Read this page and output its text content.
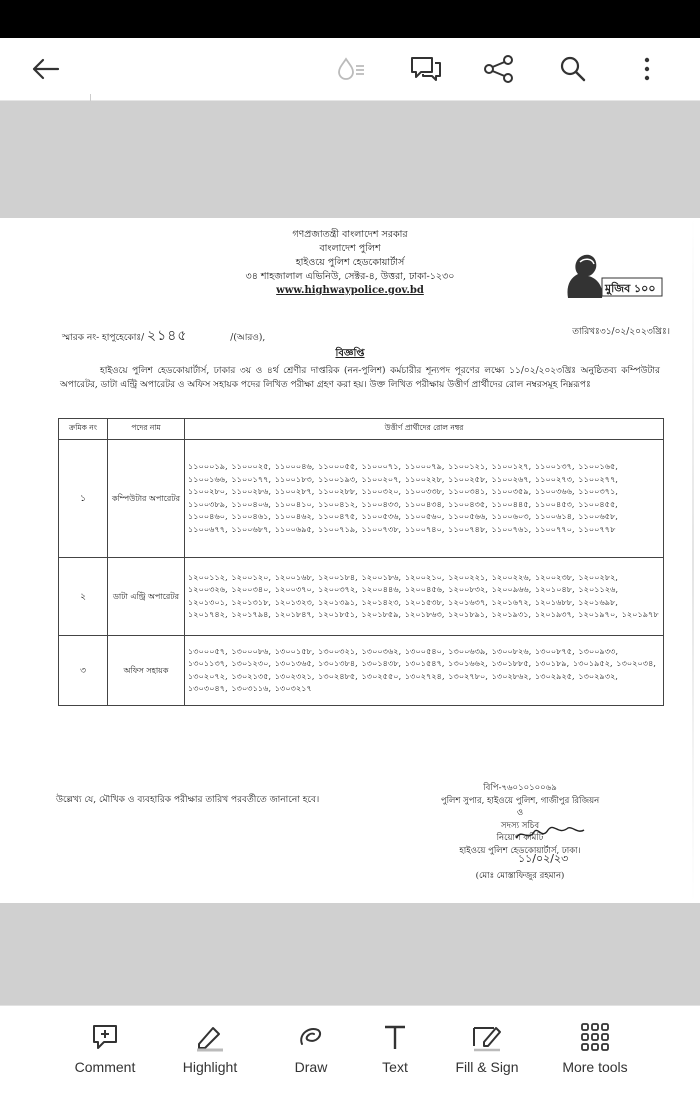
গণপ্রজাতন্ত্রী বাংলাদেশ সরকার
বাংলাদেশ পুলিশ
হাইওয়ে পুলিশ হেডকোয়ার্টার্স
৩৪ শাহজালাল এভিনিউ, সেক্টর-৪, উত্তরা, ঢাকা-১২৩০
www.highwaypolice.gov.bd	মুজিব ১০০
স্মারক নং- হাপুহেকোঃ/ ২১৪৫	/(আরও),
তারিখঃ৩১/০২/২০২৩খ্রিঃ।
বিজ্ঞপ্তি
হাইওয়ে পুলিশ হেডকোয়ার্টার্স, ঢাকার ৩য় ও ৪র্থ শ্রেণীর দাপ্তরিক (নন-পুলিশ) কর্মচারীর শূন্যপদ পূরণের লক্ষ্যে ১১/০২/২০২৩খ্রিঃ অনুষ্ঠিতব্য কম্পিউটার অপারেটর, ডাটা এন্ট্রি অপারেটর ও অফিস সহায়ক পদের লিখিত পরীক্ষা গ্রহণ করা হয়। উক্ত লিখিত পরীক্ষায় উত্তীর্ণ প্রার্থীদের রোল নম্বরসমূহ নিম্নরূপঃ
ক্রমিক নং	পদের নাম	উত্তীর্ণ প্রার্থীদের রোল নম্বর
১	কম্পিউটার অপারেটর	১১০০০১৯, ১১০০০২৫, ১১০০০৪৬, ১১০০০৫৫, ১১০০০৭১, ১১০০০৭৯, ১১০০১২১, ১১০০১২৭, ১১০০১৩৭, ১১০০১৬৫, ১১০০১৬৬, ১১০০১৭৭, ১১০০১৮৩, ১১০০১৯৩, ১১০০২০৭, ১১০০২২৮, ১১০০২৫৮, ১১০০২৬৭, ১১০০২৭৩, ১১০০২৭৭, ১১০০২৮০, ১১০০২৮৬, ১১০০২৮৭, ১১০০২৮৮, ১১০০৩২০, ১১০০৩৩৮, ১১০০৩৪১, ১১০০৩৫৯, ১১০০৩৬৬, ১১০০৩৭১, ১১০০৩৮৯, ১১০০৪০৬, ১১০০৪১০, ১১০০৪১২, ১১০০৪৩৩, ১১০০৪৩৪, ১১০০৪৩৫, ১১০০৪৪৫, ১১০০৪৫৩, ১১০০৪৫৫, ১১০০৪৬০, ১১০০৪৬১, ১১০০৪৬২, ১১০০৪৭৫, ১১০০৫৩৬, ১১০০৫৬০, ১১০০৫৬৬, ১১০০৬০৩, ১১০০৬১৪, ১১০০৬৫৮, ১১০০৬৭৭, ১১০০৬৮৭, ১১০০৬৯৫, ১১০০৭১৯, ১১০০৭৩৮, ১১০০৭৪০, ১১০০৭৪৮, ১১০০৭৬১, ১১০০৭৭০, ১১০০৭৭৮
২	ডাটা এন্ট্রি অপারেটর	১২০০১১২, ১২০০১২০, ১২০০১৬৮, ১২০০১৮৪, ১২০০১৮৬, ১২০০২১০, ১২০০২২১, ১২০০২২৬, ১২০০২৩৮, ১২০০২৮২, ১২০০৩২৬, ১২০০৩৪০, ১২০০৩৭০, ১২০০৩৭২, ১২০০৪৪৬, ১২০০৪৫৬, ১২০০৮৩২, ১২০০৯৬৬, ১২০১০৪৮, ১২০১১২৬, ১২০১৩০১, ১২০১৩১৮, ১২০১৩২৩, ১২০১৩৯১, ১২০১৪২৩, ১২০১৫৩৮, ১২০১৬৩৭, ১২০১৬৭২, ১২০১৬৮৮, ১২০১৬৯৮, ১২০১৭৪২, ১২০১৭৯৪, ১২০১৮৪৭, ১২০১৮৫১, ১২০১৮৫৯, ১২০১৮৬৩, ১২০১৮৯১, ১২০১৯৩১, ১২০১৯৩৭, ১২০১৯৭০, ১২০১৯৭৮
৩	অফিস সহায়ক	১৩০০০৫৭, ১৩০০০৮৬, ১৩০০১৫৮, ১৩০০৩২১, ১৩০০৩৬২, ১৩০০৫৪০, ১৩০০৬৩৯, ১৩০০৮২৬, ১৩০০৮৭৫, ১৩০০৯৩৩, ১৩০১১৩৭, ১৩০১২৩০, ১৩০১৩৬৫, ১৩০১৩৮৪, ১৩০১৪৩৮, ১৩০১৫৪৭, ১৩০১৬৬২, ১৩০১৮৮৫, ১৩০১৮৯, ১৩০১৯৫২, ১৩০২০৩৪, ১৩০২০৭২, ১৩০২১৩৫, ১৩০২৩২১, ১৩০২৪৮৫, ১৩০২৫৫০, ১৩০২৭২৪, ১৩০২৭৮০, ১৩০২৮৬২, ১৩০২৯২৫, ১৩০২৯৩২, ১৩০৩০৪৭, ১৩০৩১১৬, ১৩০৩২১৭
উল্লেখ্য যে, মৌখিক ও ব্যবহারিক পরীক্ষার তারিখ পরবর্তীতে জানানো হবে।
১১/০২/২৩
(মোঃ মোস্তাফিজুর রহমান)
বিপি-৭৬০১০১০০৬৯
পুলিশ সুপার, হাইওয়ে পুলিশ, গাজীপুর রিজিয়ন
ও
সদস্য সচিব
নিয়োগ কমিটি
হাইওয়ে পুলিশ হেডকোয়ার্টার্স, ঢাকা।
Comment	Highlight	Draw	Text	Fill & Sign	More tools
